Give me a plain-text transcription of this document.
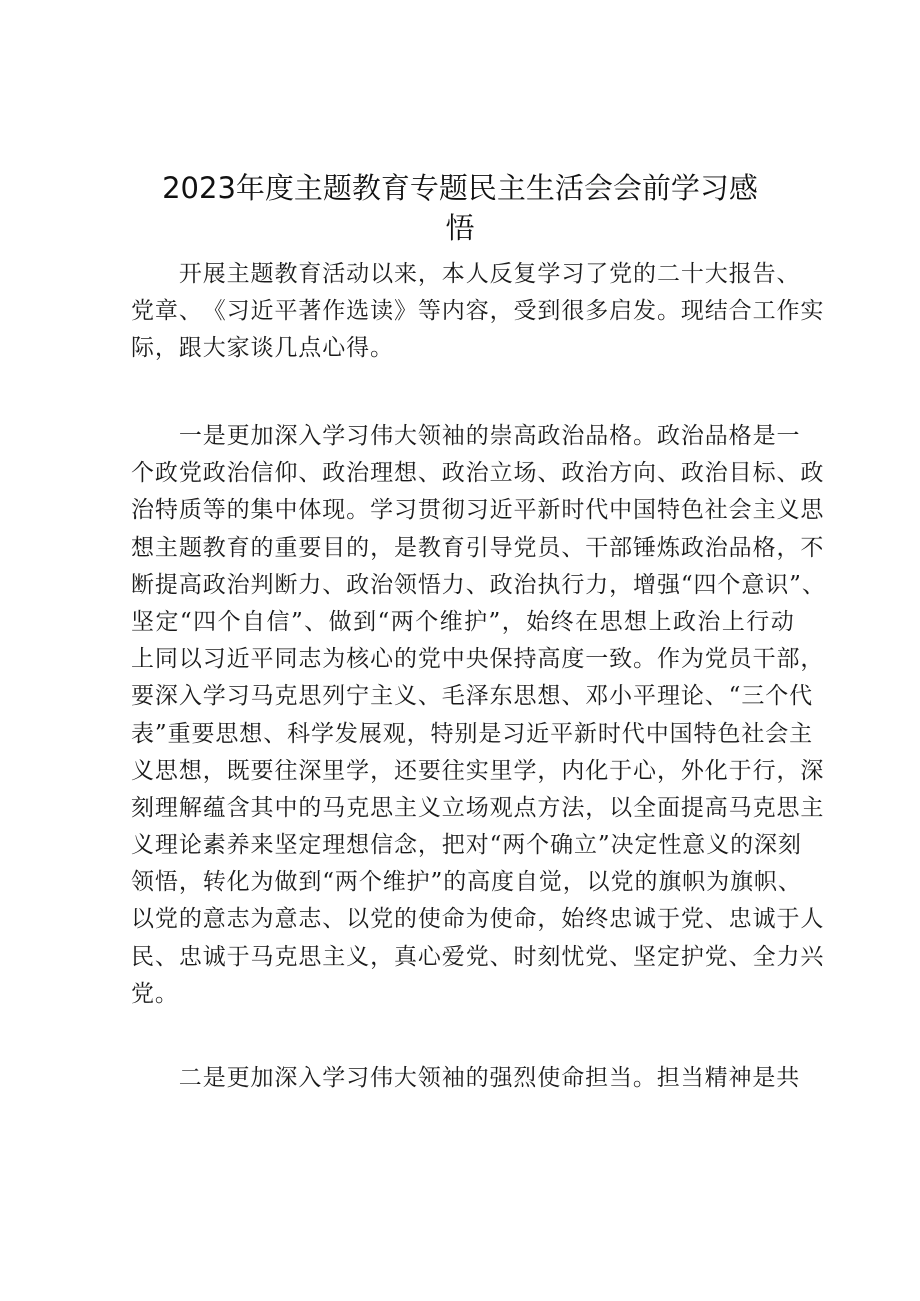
2023年度主题教育专题民主生活会会前学习感
悟

开 展 主 题 教 育 活 动 以 来 ， 本 人 反 复 学 习 了 党 的 二 十 大 报 告 、
党 章 、 《 习 近 平 著 作 选 读 》 等 内 容 ， 受 到 很 多 启 发 。 现 结 合 工 作 实
际，跟大家谈几点心得。

一 是 更 加 深 入 学 习 伟 大 领 袖 的 崇 高 政 治 品 格 。 政 治 品 格 是 一
个 政 党 政 治 信 仰 、 政 治 理 想 、 政 治 立 场 、 政 治 方 向 、 政 治 目 标 、 政
治 特 质 等 的 集 中 体 现 。 学 习 贯 彻 习 近 平 新 时 代 中 国 特 色 社 会 主 义 思
想 主 题 教 育 的 重 要 目 的 ， 是 教 育 引 导 党 员 、 干 部 锤 炼 政 治 品 格 ， 不
断 提 高 政 治 判 断 力 、 政 治 领 悟 力 、 政 治 执 行 力 ， 增 强 “ 四 个 意 识 ” 、
坚 定 “ 四 个 自 信 ” 、 做 到 “ 两 个 维 护 ” ， 始 终 在 思 想 上 政 治 上 行 动
上 同 以 习 近 平 同 志 为 核 心 的 党 中 央 保 持 高 度 一 致 。 作 为 党 员 干 部 ，
要 深 入 学 习 马 克 思 列 宁 主 义 、 毛 泽 东 思 想 、 邓 小 平 理 论 、 “ 三 个 代
表 ” 重 要 思 想 、 科 学 发 展 观 ， 特 别 是 习 近 平 新 时 代 中 国 特 色 社 会 主
义 思 想 ， 既 要 往 深 里 学 ， 还 要 往 实 里 学 ， 内 化 于 心 ， 外 化 于 行 ， 深
刻 理 解 蕴 含 其 中 的 马 克 思 主 义 立 场 观 点 方 法 ， 以 全 面 提 高 马 克 思 主
义 理 论 素 养 来 坚 定 理 想 信 念 ， 把 对 “ 两 个 确 立 ” 决 定 性 意 义 的 深 刻
领 悟 ， 转 化 为 做 到 “ 两 个 维 护 ” 的 高 度 自 觉 ， 以 党 的 旗 帜 为 旗 帜 、
以 党 的 意 志 为 意 志 、 以 党 的 使 命 为 使 命 ， 始 终 忠 诚 于 党 、 忠 诚 于 人
民 、 忠 诚 于 马 克 思 主 义 ， 真 心 爱 党 、 时 刻 忧 党 、 坚 定 护 党 、 全 力 兴
党。
　　二是更加深入学习伟大领袖的强烈使命担当。担当精神是共
